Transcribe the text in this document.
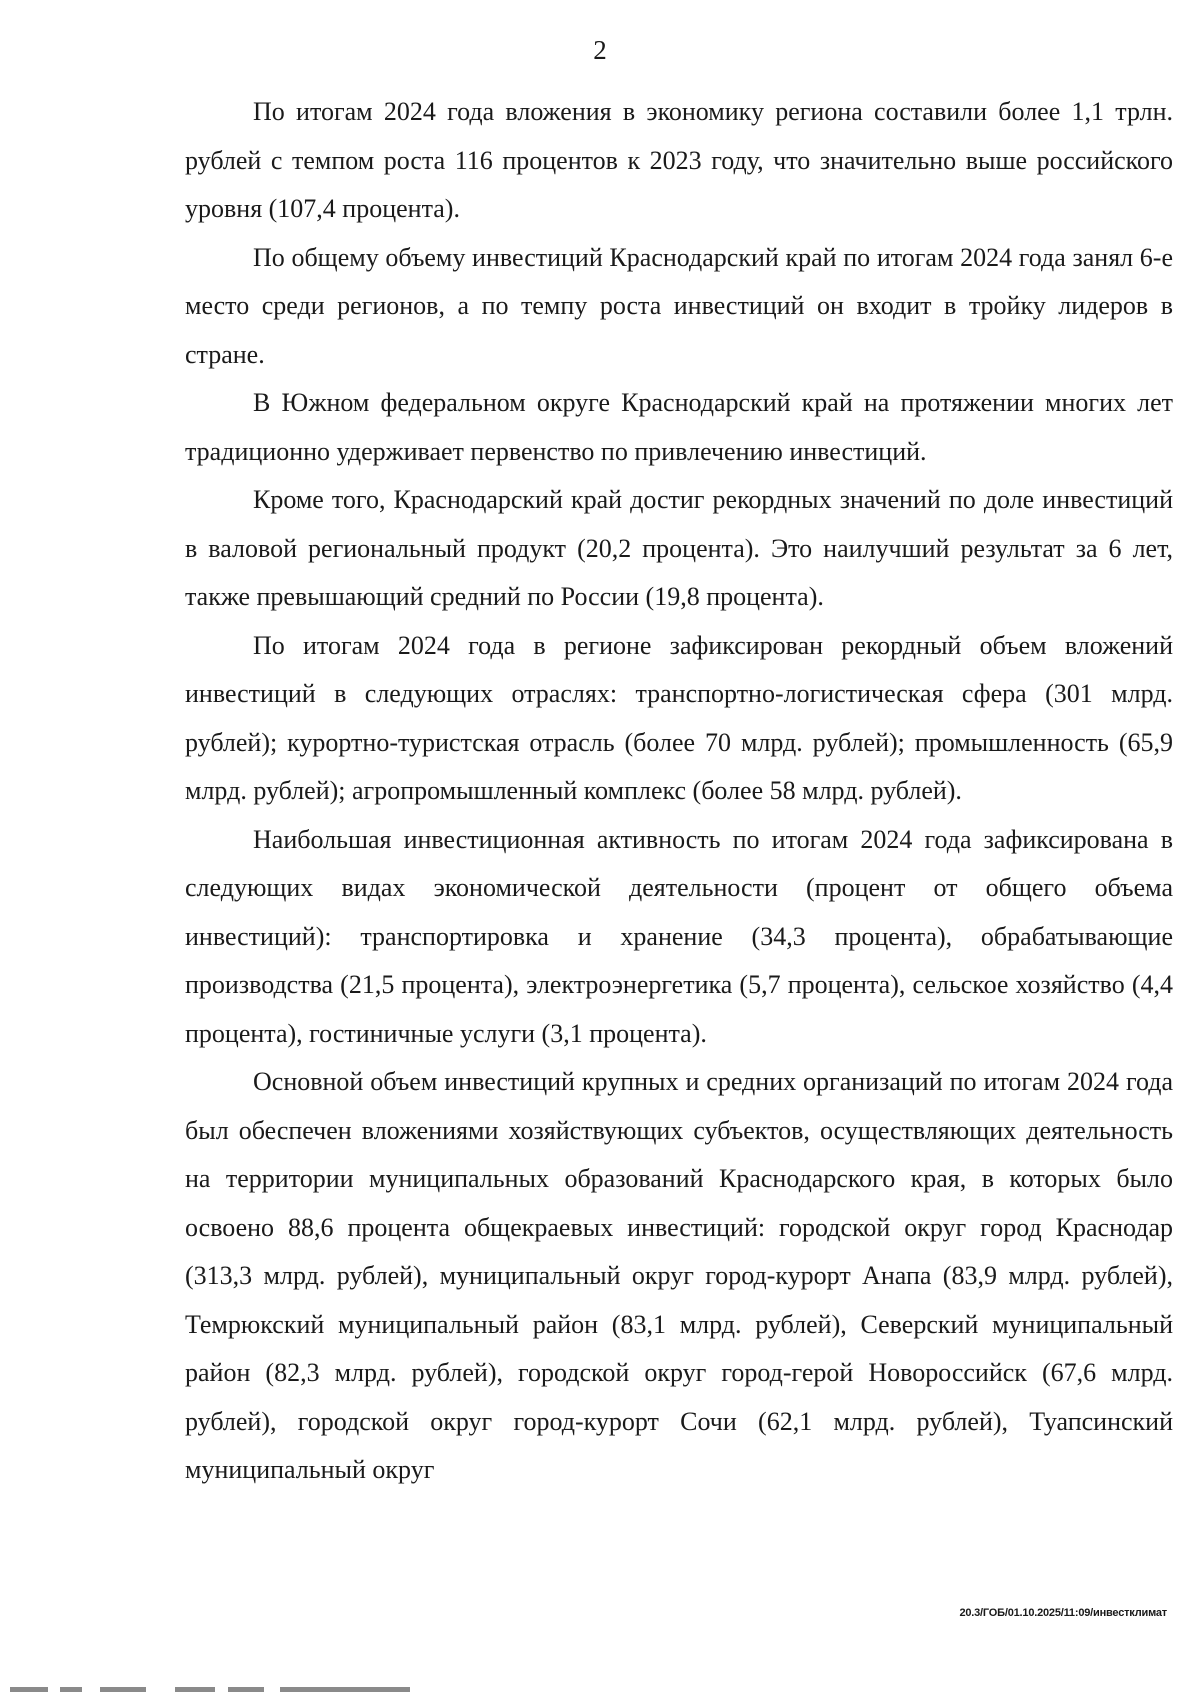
2

По итогам 2024 года вложения в экономику региона составили более 1,1 трлн. рублей с темпом роста 116 процентов к 2023 году, что значительно выше российского уровня (107,4 процента).

По общему объему инвестиций Краснодарский край по итогам 2024 года занял 6-е место среди регионов, а по темпу роста инвестиций он входит в тройку лидеров в стране.

В Южном федеральном округе Краснодарский край на протяжении многих лет традиционно удерживает первенство по привлечению инвестиций.

Кроме того, Краснодарский край достиг рекордных значений по доле инвестиций в валовой региональный продукт (20,2 процента). Это наилучший результат за 6 лет, также превышающий средний по России (19,8 процента).

По итогам 2024 года в регионе зафиксирован рекордный объем вложений инвестиций в следующих отраслях: транспортно-логистическая сфера (301 млрд. рублей); курортно-туристская отрасль (более 70 млрд. рублей); промышленность (65,9 млрд. рублей); агропромышленный комплекс (более 58 млрд. рублей).

Наибольшая инвестиционная активность по итогам 2024 года зафиксирована в следующих видах экономической деятельности (процент от общего объема инвестиций): транспортировка и хранение (34,3 процента), обрабатывающие производства (21,5 процента), электроэнергетика (5,7 процента), сельское хозяйство (4,4 процента), гостиничные услуги (3,1 процента).

Основной объем инвестиций крупных и средних организаций по итогам 2024 года был обеспечен вложениями хозяйствующих субъектов, осуществляющих деятельность на территории муниципальных образований Краснодарского края, в которых было освоено 88,6 процента общекраевых инвестиций: городской округ город Краснодар (313,3 млрд. рублей), муниципальный округ город-курорт Анапа (83,9 млрд. рублей), Темрюкский муниципальный район (83,1 млрд. рублей), Северский муниципальный район (82,3 млрд. рублей), городской округ город-герой Новороссийск (67,6 млрд. рублей), городской округ город-курорт Сочи (62,1 млрд. рублей), Туапсинский муниципальный округ

20.3/ГОБ/01.10.2025/11:09/инвестклимат
